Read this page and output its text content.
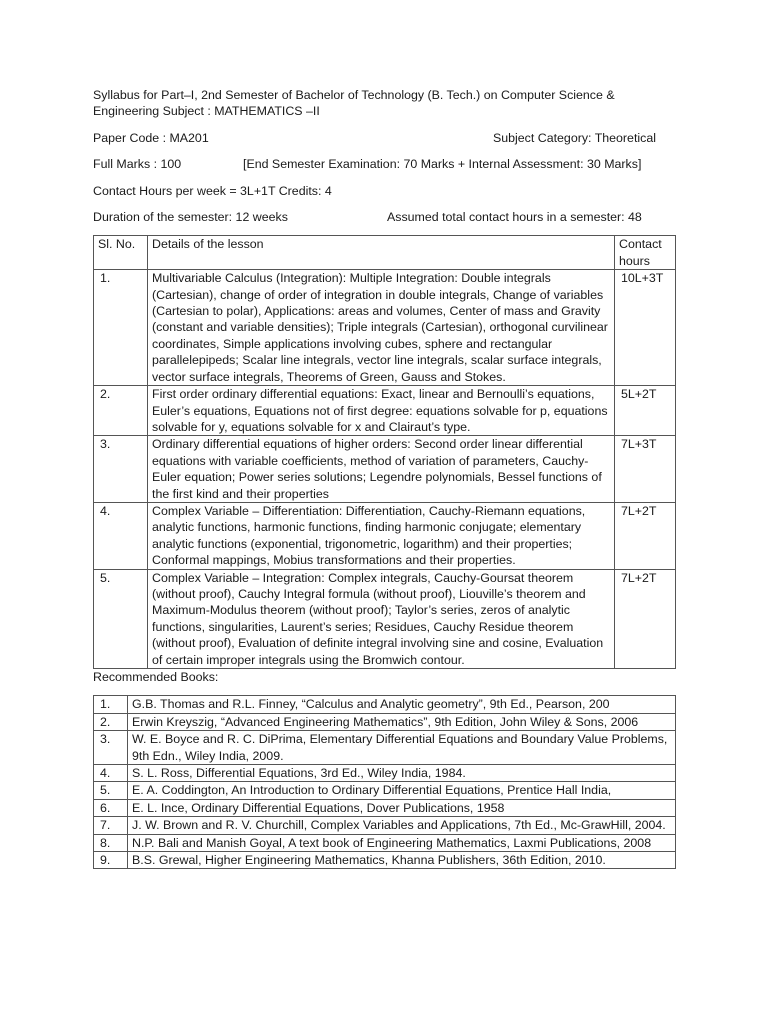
Syllabus for Part–I, 2nd Semester of Bachelor of Technology (B. Tech.) on Computer Science & Engineering Subject : MATHEMATICS –II

Paper Code : MA201	Subject Category: Theoretical
Full Marks : 100	[End Semester Examination: 70 Marks + Internal Assessment: 30 Marks]

Contact Hours per week = 3L+1T Credits: 4

Duration of the semester: 12 weeks	Assumed total contact hours in a semester: 48
Sl. No.	Details of the lesson	Contact hours
1.	Multivariable Calculus (Integration): Multiple Integration: Double integrals (Cartesian), change of order of integration in double integrals, Change of variables (Cartesian to polar), Applications: areas and volumes, Center of mass and Gravity (constant and variable densities); Triple integrals (Cartesian), orthogonal curvilinear coordinates, Simple applications involving cubes, sphere and rectangular parallelepipeds; Scalar line integrals, vector line integrals, scalar surface integrals, vector surface integrals, Theorems of Green, Gauss and Stokes.	10L+3T
2.	First order ordinary differential equations: Exact, linear and Bernoulli’s equations, Euler’s equations, Equations not of first degree: equations solvable for p, equations solvable for y, equations solvable for x and Clairaut’s type.	5L+2T
3.	Ordinary differential equations of higher orders: Second order linear differential equations with variable coefficients, method of variation of parameters, Cauchy-Euler equation; Power series solutions; Legendre polynomials, Bessel functions of the first kind and their properties	7L+3T
4.	Complex Variable – Differentiation: Differentiation, Cauchy-Riemann equations, analytic functions, harmonic functions, finding harmonic conjugate; elementary analytic functions (exponential, trigonometric, logarithm) and their properties; Conformal mappings, Mobius transformations and their properties.	7L+2T
5.	Complex Variable – Integration: Complex integrals, Cauchy-Goursat theorem (without proof), Cauchy Integral formula (without proof), Liouville’s theorem and Maximum-Modulus theorem (without proof); Taylor’s series, zeros of analytic functions, singularities, Laurent’s series; Residues, Cauchy Residue theorem (without proof), Evaluation of definite integral involving sine and cosine, Evaluation of certain improper integrals using the Bromwich contour.	7L+2T

Recommended Books:

1.	G.B. Thomas and R.L. Finney, “Calculus and Analytic geometry”, 9th Ed., Pearson, 200
2.	Erwin Kreyszig, “Advanced Engineering Mathematics”, 9th Edition, John Wiley & Sons, 2006
3.	W. E. Boyce and R. C. DiPrima, Elementary Differential Equations and Boundary Value Problems, 9th Edn., Wiley India, 2009.
4.	S. L. Ross, Differential Equations, 3rd Ed., Wiley India, 1984.
5.	E. A. Coddington, An Introduction to Ordinary Differential Equations, Prentice Hall India,
6.	E. L. Ince, Ordinary Differential Equations, Dover Publications, 1958
7.	J. W. Brown and R. V. Churchill, Complex Variables and Applications, 7th Ed., Mc-GrawHill, 2004.
8.	N.P. Bali and Manish Goyal, A text book of Engineering Mathematics, Laxmi Publications, 2008
9.	B.S. Grewal, Higher Engineering Mathematics, Khanna Publishers, 36th Edition, 2010.
